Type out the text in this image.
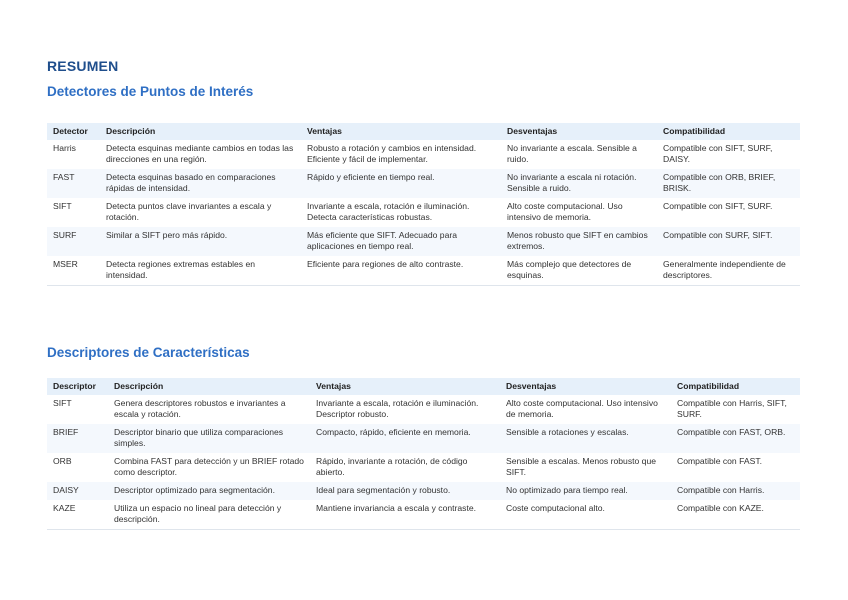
RESUMEN
Detectores de Puntos de Interés
Detector	Descripción	Ventajas	Desventajas	Compatibilidad
Harris	Detecta esquinas mediante cambios en todas las direcciones en una región.	Robusto a rotación y cambios en intensidad. Eficiente y fácil de implementar.	No invariante a escala. Sensible a ruido.	Compatible con SIFT, SURF, DAISY.
FAST	Detecta esquinas basado en comparaciones rápidas de intensidad.	Rápido y eficiente en tiempo real.	No invariante a escala ni rotación. Sensible a ruido.	Compatible con ORB, BRIEF, BRISK.
SIFT	Detecta puntos clave invariantes a escala y rotación.	Invariante a escala, rotación e iluminación. Detecta características robustas.	Alto coste computacional. Uso intensivo de memoria.	Compatible con SIFT, SURF.
SURF	Similar a SIFT pero más rápido.	Más eficiente que SIFT. Adecuado para aplicaciones en tiempo real.	Menos robusto que SIFT en cambios extremos.	Compatible con SURF, SIFT.
MSER	Detecta regiones extremas estables en intensidad.	Eficiente para regiones de alto contraste.	Más complejo que detectores de esquinas.	Generalmente independiente de descriptores.
Descriptores de Características
Descriptor	Descripción	Ventajas	Desventajas	Compatibilidad
SIFT	Genera descriptores robustos e invariantes a escala y rotación.	Invariante a escala, rotación e iluminación. Descriptor robusto.	Alto coste computacional. Uso intensivo de memoria.	Compatible con Harris, SIFT, SURF.
BRIEF	Descriptor binario que utiliza comparaciones simples.	Compacto, rápido, eficiente en memoria.	Sensible a rotaciones y escalas.	Compatible con FAST, ORB.
ORB	Combina FAST para detección y un BRIEF rotado como descriptor.	Rápido, invariante a rotación, de código abierto.	Sensible a escalas. Menos robusto que SIFT.	Compatible con FAST.
DAISY	Descriptor optimizado para segmentación.	Ideal para segmentación y robusto.	No optimizado para tiempo real.	Compatible con Harris.
KAZE	Utiliza un espacio no lineal para detección y descripción.	Mantiene invariancia a escala y contraste.	Coste computacional alto.	Compatible con KAZE.
